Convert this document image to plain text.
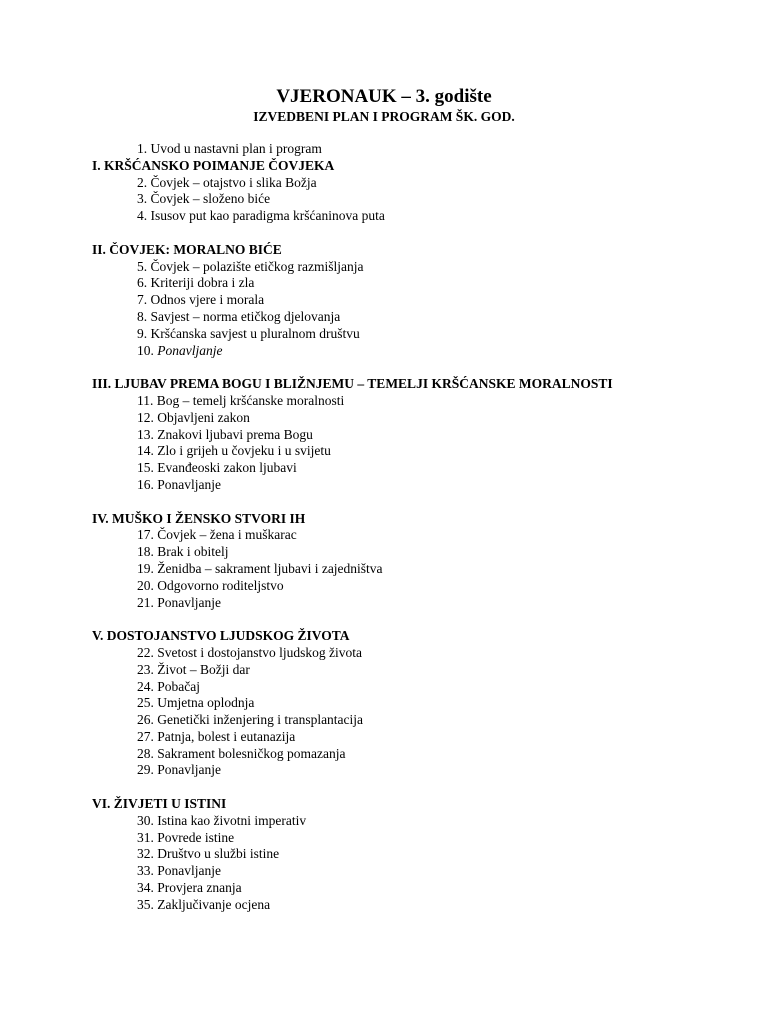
VJERONAUK – 3. godište
IZVEDBENI PLAN I PROGRAM ŠK. GOD.
1. Uvod u nastavni plan i program
I. KRŠĆANSKO POIMANJE ČOVJEKA
2. Čovjek – otajstvo i slika Božja
3. Čovjek – složeno biće
4. Isusov put kao paradigma kršćaninova puta
II. ČOVJEK: MORALNO BIĆE
5. Čovjek – polazište etičkog razmišljanja
6. Kriteriji dobra i zla
7. Odnos vjere i morala
8. Savjest – norma etičkog djelovanja
9. Kršćanska savjest u pluralnom društvu
10. Ponavljanje
III. LJUBAV PREMA BOGU I BLIŽNJEMU – TEMELJI KRŠĆANSKE MORALNOSTI
11. Bog – temelj kršćanske moralnosti
12. Objavljeni zakon
13. Znakovi ljubavi prema Bogu
14. Zlo i grijeh u čovjeku i u svijetu
15. Evanđeoski zakon ljubavi
16. Ponavljanje
IV. MUŠKO I ŽENSKO STVORI IH
17. Čovjek – žena i muškarac
18. Brak i obitelj
19. Ženidba – sakrament ljubavi i zajedništva
20. Odgovorno roditeljstvo
21. Ponavljanje
V. DOSTOJANSTVO LJUDSKOG ŽIVOTA
22. Svetost i dostojanstvo ljudskog života
23. Život – Božji dar
24. Pobačaj
25. Umjetna oplodnja
26. Genetički inženjering i transplantacija
27. Patnja, bolest i eutanazija
28. Sakrament bolesničkog pomazanja
29. Ponavljanje
VI. ŽIVJETI U ISTINI
30. Istina kao životni imperativ
31. Povrede istine
32. Društvo u službi istine
33. Ponavljanje
34. Provjera znanja
35. Zaključivanje ocjena
